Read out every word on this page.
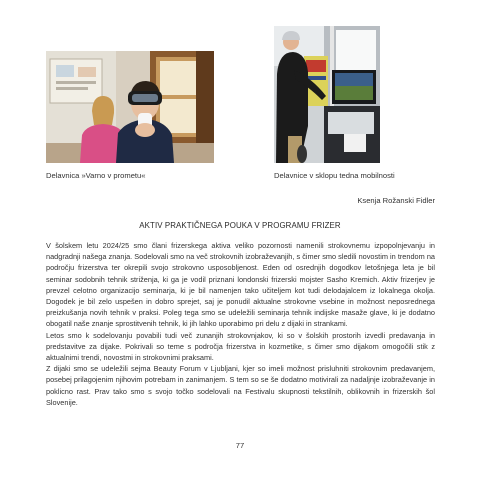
Delavnica »Varno v prometu«	Delavnice v sklopu tedna mobilnosti
Ksenja Rožanski Fidler
AKTIV PRAKTIČNEGA POUKA V PROGRAMU FRIZER

V šolskem letu 2024/25 smo člani frizerskega aktiva veliko pozornosti namenili strokovnemu izpopolnjevanju in nadgradnji našega znanja. Sodelovali smo na več strokovnih izobraževanjih, s čimer smo sledili novostim in trendom na področju frizerstva ter okrepili svojo strokovno usposobljenost. Eden od osrednjih dogodkov letošnjega leta je bil seminar sodobnih tehnik striženja, ki ga je vodil priznani londonski frizerski mojster Sasho Kremich. Aktiv frizerjev je prevzel celotno organizacijo seminarja, ki je bil namenjen tako učiteljem kot tudi delodajalcem iz lokalnega okolja. Dogodek je bil zelo uspešen in dobro sprejet, saj je ponudil aktualne strokovne vsebine in možnost neposrednega preizkušanja novih tehnik v praksi. Poleg tega smo se udeležili seminarja tehnik indijske masaže glave, ki je dodatno obogatil naše znanje sprostitvenih tehnik, ki jih lahko uporabimo pri delu z dijaki in strankami.

Letos smo k sodelovanju povabili tudi več zunanjih strokovnjakov, ki so v šolskih prostorih izvedli predavanja in predstavitve za dijake. Pokrivali so teme s področja frizerstva in kozmetike, s čimer smo dijakom omogočili stik z aktualnimi trendi, novostmi in strokovnimi praksami.

Z dijaki smo se udeležili sejma Beauty Forum v Ljubljani, kjer so imeli možnost prisluhniti strokovnim predavanjem, posebej prilagojenim njihovim potrebam in zanimanjem. S tem so se še dodatno motivirali za nadaljnje izobraževanje in poklicno rast. Prav tako smo s svojo točko sodelovali na Festivalu skupnosti tekstilnih, oblikovnih in frizerskih šol Slovenije.

77
